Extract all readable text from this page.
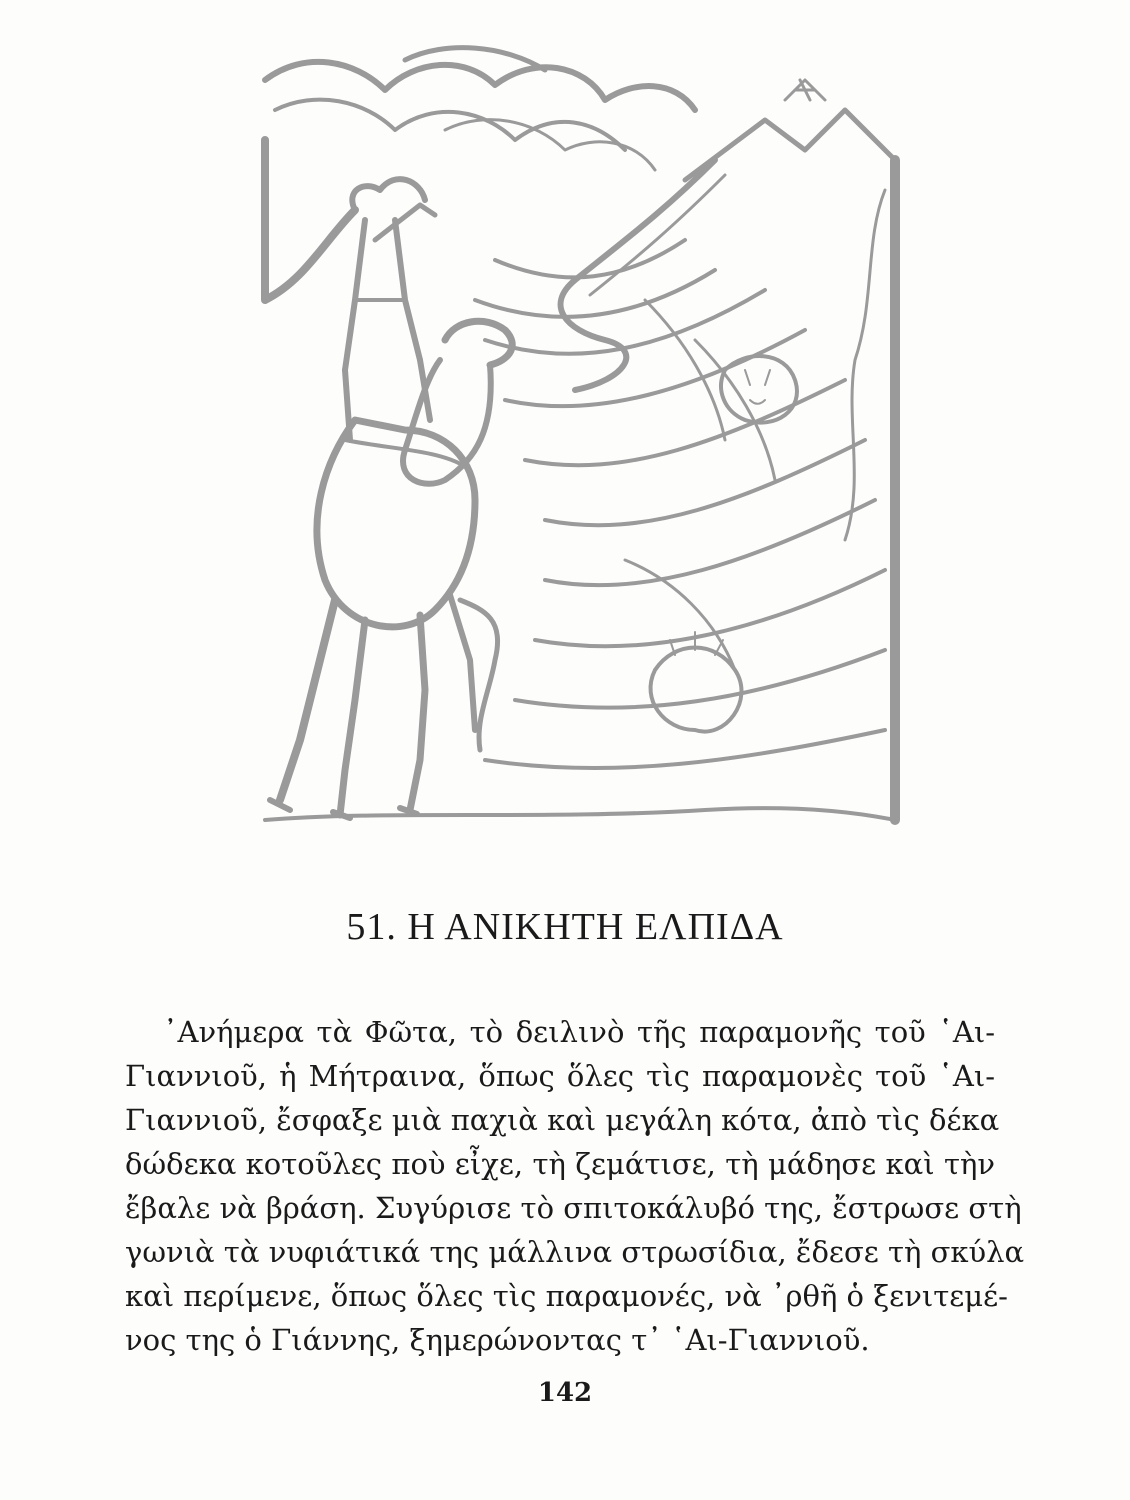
51. Η ΑΝΙΚΗΤΗ ΕΛΠΙΔΑ
᾿Ανήμερα τὰ Φῶτα, τὸ δειλινὸ τῆς παραμονῆς τοῦ ῾Αι-
Γιαννιοῦ, ἡ Μήτραινα, ὅπως ὅλες τὶς παραμονὲς τοῦ ῾Αι-
Γιαννιοῦ, ἔσφαξε μιὰ παχιὰ καὶ μεγάλη κότα, ἀπὸ τὶς δέκα
δώδεκα κοτοῦλες ποὺ εἶχε, τὴ ζεμάτισε, τὴ μάδησε καὶ τὴν
ἔβαλε νὰ βράση. Συγύρισε τὸ σπιτοκάλυβό της, ἔστρωσε στὴ
γωνιὰ τὰ νυφιάτικά της μάλλινα στρωσίδια, ἔδεσε τὴ σκύλα
καὶ περίμενε, ὅπως ὅλες τὶς παραμονές, νὰ ᾿ρθῆ ὁ ξενιτεμέ-
νος της ὁ Γιάννης, ξημερώνοντας τ᾿ ῾Αι-Γιαννιοῦ.

142
